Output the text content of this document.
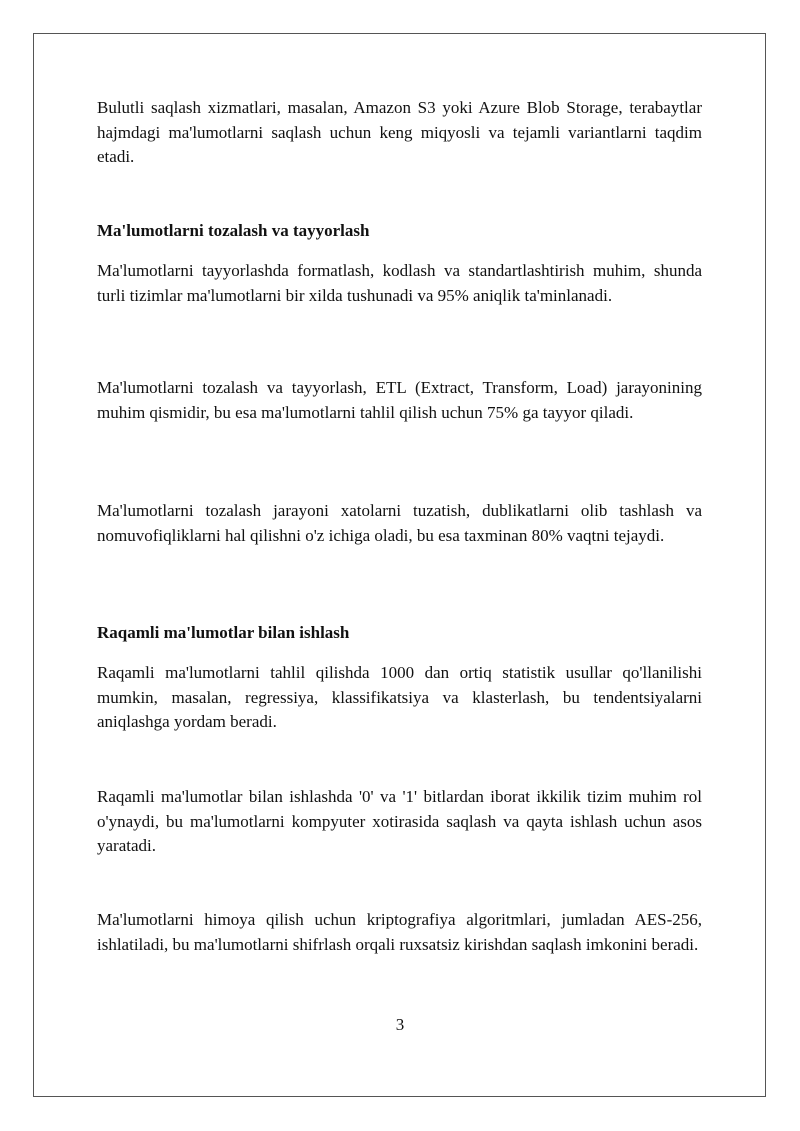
Bulutli saqlash xizmatlari, masalan, Amazon S3 yoki Azure Blob Storage, terabaytlar hajmdagi ma'lumotlarni saqlash uchun keng miqyosli va tejamli variantlarni taqdim etadi.

Ma'lumotlarni tozalash va tayyorlash

Ma'lumotlarni tayyorlashda formatlash, kodlash va standartlashtirish muhim, shunda turli tizimlar ma'lumotlarni bir xilda tushunadi va 95% aniqlik ta'minlanadi.

Ma'lumotlarni tozalash va tayyorlash, ETL (Extract, Transform, Load) jarayonining muhim qismidir, bu esa ma'lumotlarni tahlil qilish uchun 75% ga tayyor qiladi.

Ma'lumotlarni tozalash jarayoni xatolarni tuzatish, dublikatlarni olib tashlash va nomuvofiqliklarni hal qilishni o'z ichiga oladi, bu esa taxminan 80% vaqtni tejaydi.

Raqamli ma'lumotlar bilan ishlash

Raqamli ma'lumotlarni tahlil qilishda 1000 dan ortiq statistik usullar qo'llanilishi mumkin, masalan, regressiya, klassifikatsiya va klasterlash, bu tendentsiyalarni aniqlashga yordam beradi.

Raqamli ma'lumotlar bilan ishlashda '0' va '1' bitlardan iborat ikkilik tizim muhim rol o'ynaydi, bu ma'lumotlarni kompyuter xotirasida saqlash va qayta ishlash uchun asos yaratadi.

Ma'lumotlarni himoya qilish uchun kriptografiya algoritmlari, jumladan AES-256, ishlatiladi, bu ma'lumotlarni shifrlash orqali ruxsatsiz kirishdan saqlash imkonini beradi.

3
